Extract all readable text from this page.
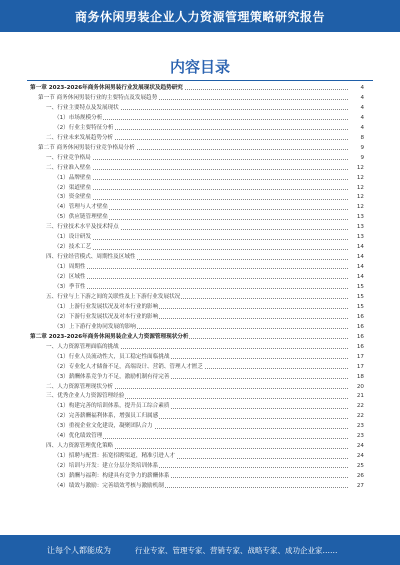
商务休闲男装企业人力资源管理策略研究报告
内容目录
第一章 2023-2026年商务休闲男装行业发展现状及趋势研究	4
第一节 商务休闲男装行业的主要特点及发展趋势	4
一、行业主要特点及发展现状	4
（1）市场规模分析	4
（2）行业主要特征分析	4
二、行业未来发展趋势分析	8
第二节 商务休闲男装行业竞争格局分析	9
一、行业竞争格局	9
二、行业准入壁垒	12
（1）品牌壁垒	12
（2）渠道壁垒	12
（3）资金壁垒	12
（4）管理与人才壁垒	12
（5）供应链管理壁垒	13
三、行业技术水平及技术特点	13
（1）设计研发	13
（2）技术工艺	14
四、行业经营模式、周期性及区域性	14
（1）周期性	14
（2）区域性	14
（3）季节性	15
五、行业与上下游之间的关联性及上下游行业发展状况	15
（1）上游行业发展状况及对本行业的影响	15
（2）下游行业发展状况及对本行业的影响	16
（3）上下游行业协同发展的影响	16
第二章 2023-2026年商务休闲男装企业人力资源管理现状分析	16
一、人力资源管理面临的挑战	16
（1）行业人员流动性大，员工稳定性面临挑战	17
（2）专业化人才储备不足，高端设计、营销、管理人才匮乏	17
（3）薪酬体系竞争力不足，激励机制有待完善	18
二、人力资源管理现状分析	20
三、优秀企业人力资源管理经验	21
（1）构建完善的培训体系，提升员工综合素质	22
（2）完善薪酬福利体系，增强员工归属感	22
（3）重视企业文化建设，凝聚团队合力	23
（4）优化绩效管理	23
四、人力资源管理优化策略	24
（1）招聘与配置：拓宽招聘渠道，精准引进人才	24
（2）培训与开发：建立分层分类培训体系	25
（3）薪酬与福利：构建具有竞争力的薪酬体系	26
（4）绩效与激励：完善绩效考核与激励机制	27
让每个人都能成为	行业专家、管理专家、营销专家、战略专家、成功企业家……
